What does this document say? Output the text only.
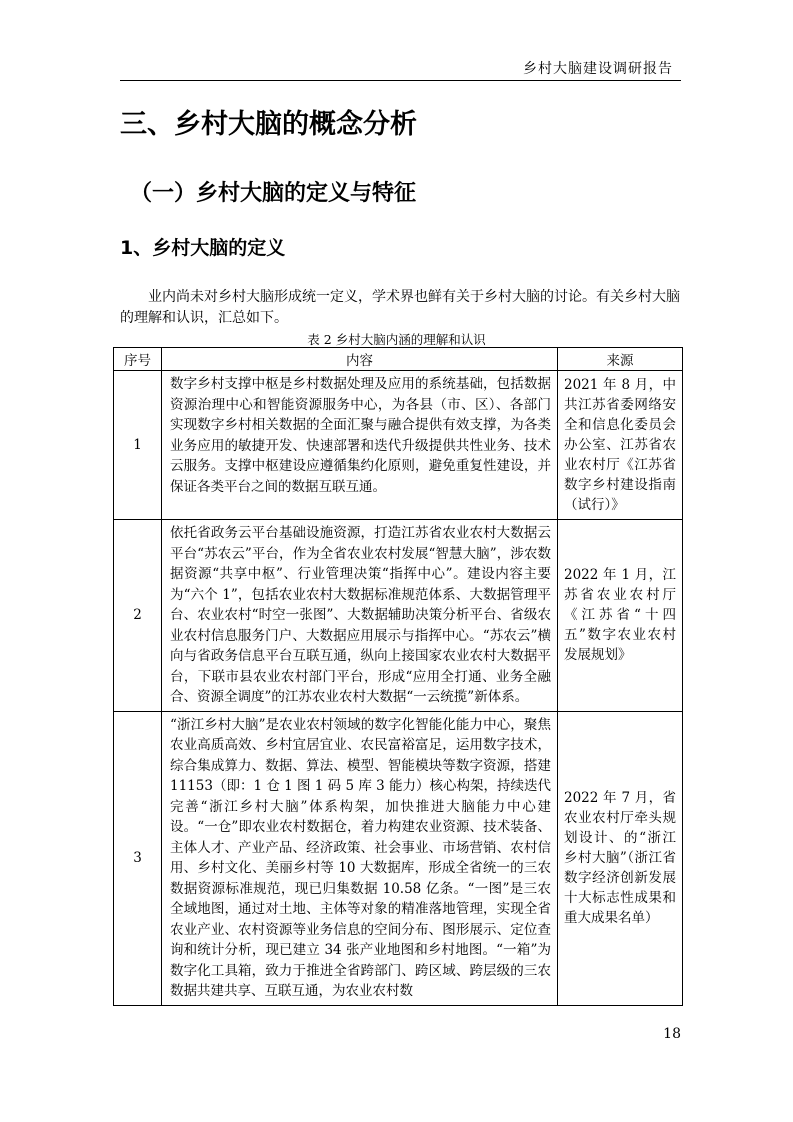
乡村大脑建设调研报告
三、乡村大脑的概念分析
（一）乡村大脑的定义与特征
1、乡村大脑的定义

业内尚未对乡村大脑形成统一定义，学术界也鲜有关于乡村大脑的讨论。有关乡村大脑的理解和认识，汇总如下。

表 2 乡村大脑内涵的理解和认识
序号	内容	来源
1	数字乡村支撑中枢是乡村数据处理及应用的系统基础，包括数据资源治理中心和智能资源服务中心，为各县（市、区）、各部门实现数字乡村相关数据的全面汇聚与融合提供有效支撑，为各类业务应用的敏捷开发、快速部署和迭代升级提供共性业务、技术云服务。支撑中枢建设应遵循集约化原则，避免重复性建设，并保证各类平台之间的数据互联互通。	2021 年 8 月，中共江苏省委网络安全和信息化委员会办公室、江苏省农业农村厅《江苏省数字乡村建设指南（试行）》
2	依托省政务云平台基础设施资源，打造江苏省农业农村大数据云平台“苏农云”平台，作为全省农业农村发展“智慧大脑”，涉农数据资源“共享中枢”、行业管理决策“指挥中心”。建设内容主要为“六个 1”，包括农业农村大数据标准规范体系、大数据管理平台、农业农村“时空一张图”、大数据辅助决策分析平台、省级农业农村信息服务门户、大数据应用展示与指挥中心。“苏农云”横向与省政务信息平台互联互通，纵向上接国家农业农村大数据平台，下联市县农业农村部门平台，形成“应用全打通、业务全融合、资源全调度”的江苏农业农村大数据“一云统揽”新体系。	2022 年 1 月，江苏省农业农村厅《江苏省“十四五”数字农业农村发展规划》
3	“浙江乡村大脑”是农业农村领域的数字化智能化能力中心，聚焦农业高质高效、乡村宜居宜业、农民富裕富足，运用数字技术，综合集成算力、数据、算法、模型、智能模块等数字资源，搭建 11153（即：1 仓 1 图 1 码 5 库 3 能力）核心构架，持续迭代完善“浙江乡村大脑”体系构架，加快推进大脑能力中心建设。“一仓”即农业农村数据仓，着力构建农业资源、技术装备、主体人才、产业产品、经济政策、社会事业、市场营销、农村信用、乡村文化、美丽乡村等 10 大数据库，形成全省统一的三农数据资源标准规范，现已归集数据 10.58 亿条。“一图”是三农全域地图，通过对土地、主体等对象的精准落地管理，实现全省农业产业、农村资源等业务信息的空间分布、图形展示、定位查询和统计分析，现已建立 34 张产业地图和乡村地图。“一箱”为数字化工具箱，致力于推进全省跨部门、跨区域、跨层级的三农数据共建共享、互联互通，为农业农村数	2022 年 7 月，省农业农村厅牵头规划设计、的“浙江乡村大脑”（浙江省数字经济创新发展十大标志性成果和重大成果名单）
18
